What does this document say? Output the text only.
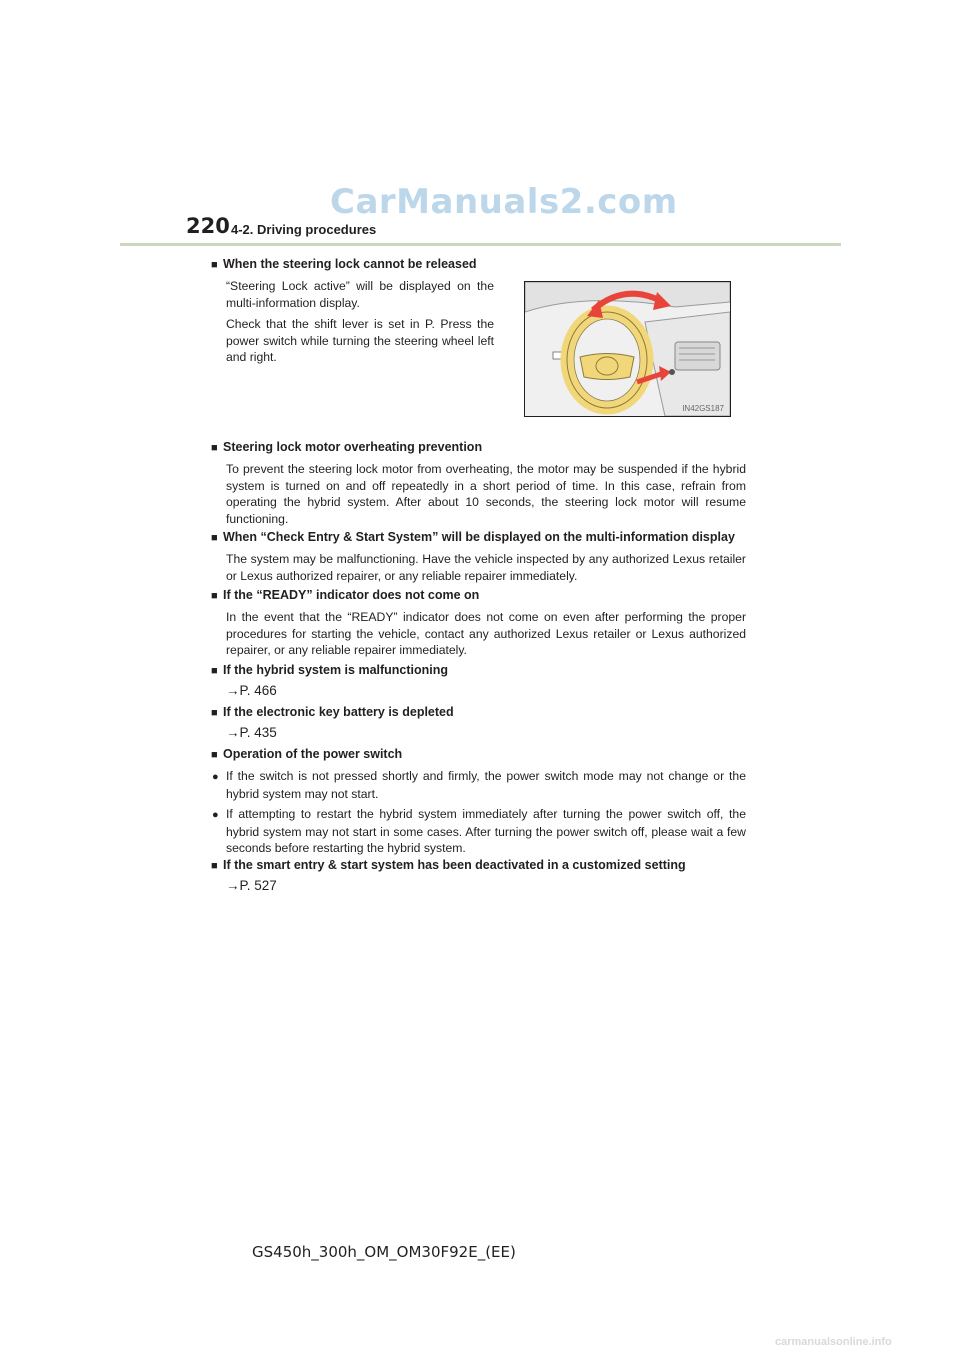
CarManuals2.com
220 4-2. Driving procedures
■ When the steering lock cannot be released
“Steering Lock active” will be displayed on the multi-information display.
Check that the shift lever is set in P. Press the power switch while turning the steering wheel left and right.
IN42GS187
■ Steering lock motor overheating prevention
To prevent the steering lock motor from overheating, the motor may be suspended if the hybrid system is turned on and off repeatedly in a short period of time. In this case, refrain from operating the hybrid system. After about 10 seconds, the steering lock motor will resume functioning.
■ When “Check Entry & Start System” will be displayed on the multi-information display
The system may be malfunctioning. Have the vehicle inspected by any authorized Lexus retailer or Lexus authorized repairer, or any reliable repairer immediately.
■ If the “READY” indicator does not come on
In the event that the “READY” indicator does not come on even after performing the proper procedures for starting the vehicle, contact any authorized Lexus retailer or Lexus authorized repairer, or any reliable repairer immediately.
■ If the hybrid system is malfunctioning
→P. 466
■ If the electronic key battery is depleted
→P. 435
■ Operation of the power switch
● If the switch is not pressed shortly and firmly, the power switch mode may not change or the hybrid system may not start.
● If attempting to restart the hybrid system immediately after turning the power switch off, the hybrid system may not start in some cases. After turning the power switch off, please wait a few seconds before restarting the hybrid system.
■ If the smart entry & start system has been deactivated in a customized setting
→P. 527
GS450h_300h_OM_OM30F92E_(EE)
carmanualsonline.info
